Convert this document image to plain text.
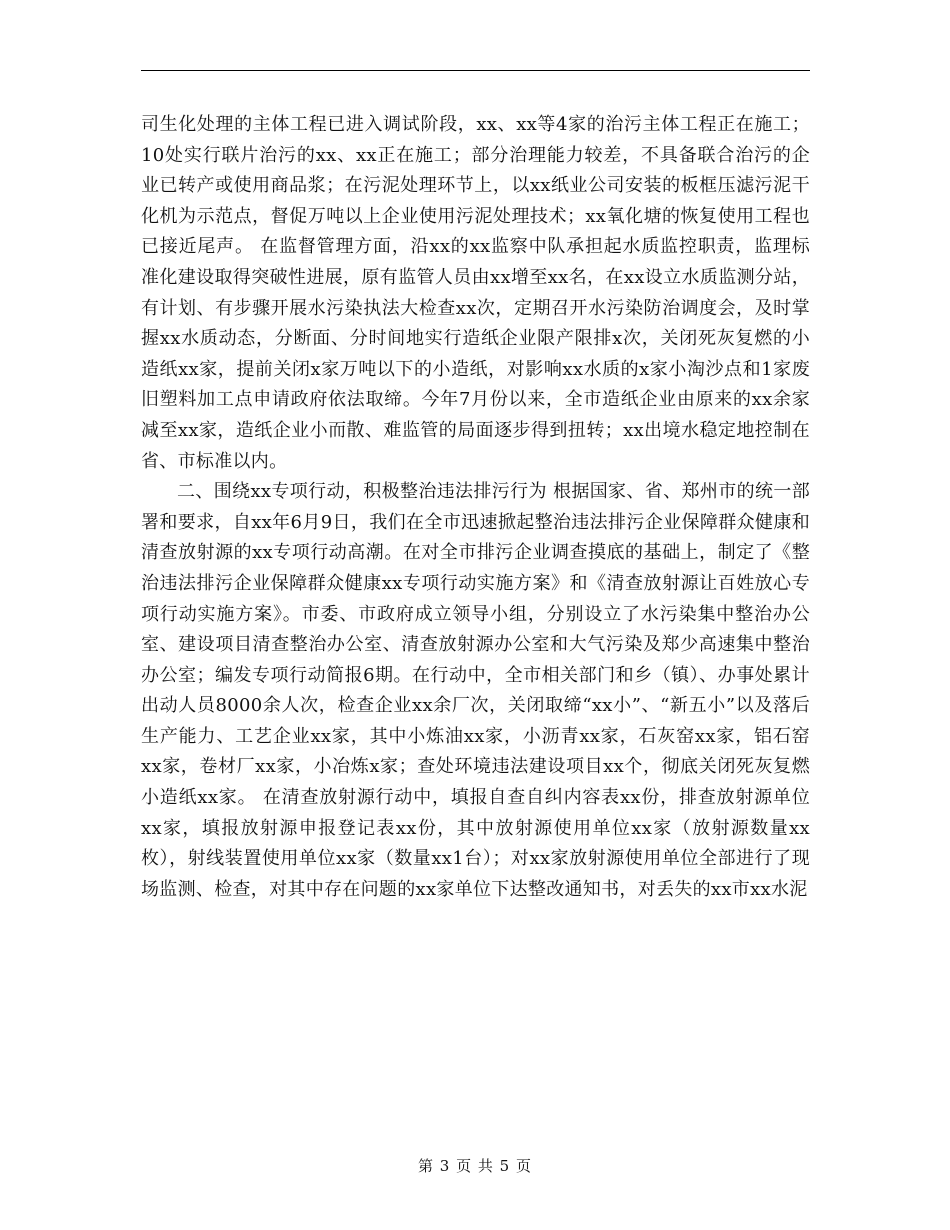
司生化处理的主体工程已进入调试阶段，xx、xx等4家的治污主体工程正在施工；10处实行联片治污的xx、xx正在施工；部分治理能力较差，不具备联合治污的企业已转产或使用商品浆；在污泥处理环节上，以xx纸业公司安装的板框压滤污泥干化机为示范点，督促万吨以上企业使用污泥处理技术；xx氧化塘的恢复使用工程也已接近尾声。 在监督管理方面，沿xx的xx监察中队承担起水质监控职责，监理标准化建设取得突破性进展，原有监管人员由xx增至xx名，在xx设立水质监测分站，有计划、有步骤开展水污染执法大检查xx次，定期召开水污染防治调度会，及时掌握xx水质动态，分断面、分时间地实行造纸企业限产限排x次，关闭死灰复燃的小造纸xx家，提前关闭x家万吨以下的小造纸，对影响xx水质的x家小淘沙点和1家废旧塑料加工点申请政府依法取缔。今年7月份以来，全市造纸企业由原来的xx余家减至xx家，造纸企业小而散、难监管的局面逐步得到扭转；xx出境水稳定地控制在省、市标准以内。

二、围绕xx专项行动，积极整治违法排污行为 根据国家、省、郑州市的统一部署和要求，自xx年6月9日，我们在全市迅速掀起整治违法排污企业保障群众健康和清查放射源的xx专项行动高潮。在对全市排污企业调查摸底的基础上，制定了《整治违法排污企业保障群众健康xx专项行动实施方案》和《清查放射源让百姓放心专项行动实施方案》。市委、市政府成立领导小组，分别设立了水污染集中整治办公室、建设项目清查整治办公室、清查放射源办公室和大气污染及郑少高速集中整治办公室；编发专项行动简报6期。在行动中，全市相关部门和乡（镇）、办事处累计出动人员8000余人次，检查企业xx余厂次，关闭取缔“xx小”、“新五小”以及落后生产能力、工艺企业xx家，其中小炼油xx家，小沥青xx家，石灰窑xx家，铝石窑xx家，卷材厂xx家，小冶炼x家；查处环境违法建设项目xx个，彻底关闭死灰复燃小造纸xx家。 在清查放射源行动中，填报自查自纠内容表xx份，排查放射源单位xx家，填报放射源申报登记表xx份，其中放射源使用单位xx家（放射源数量xx枚），射线装置使用单位xx家（数量xx1台）；对xx家放射源使用单位全部进行了现场监测、检查，对其中存在问题的xx家单位下达整改通知书，对丢失的xx市xx水泥

第 3 页 共 5 页
